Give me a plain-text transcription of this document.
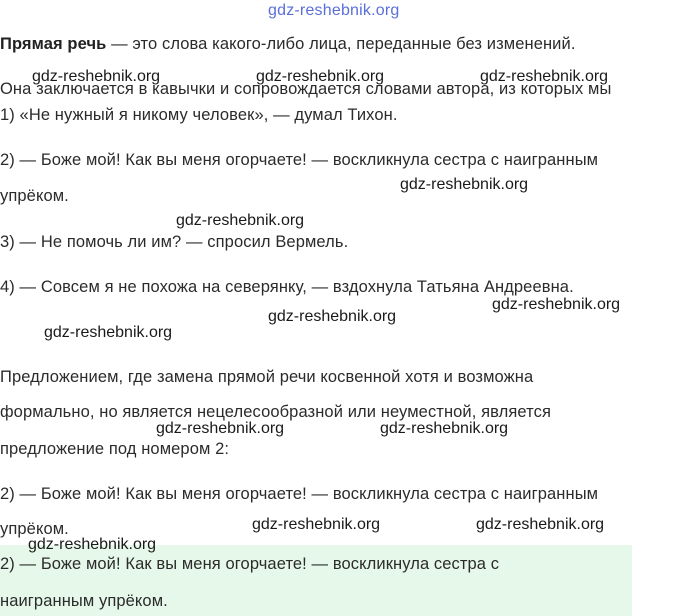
gdz-reshebnik.org
Прямая речь — это слова какого-либо лица, переданные без изменений.
Она заключается в кавычки и сопровождается словами автора, из которых мы
1) «Не нужный я никому человек», — думал Тихон.
2) — Боже мой! Как вы меня огорчаете! — воскликнула сестра с наигранным
упрёком.
3) — Не помочь ли им? — спросил Вермель.
4) — Совсем я не похожа на северянку, — вздохнула Татьяна Андреевна.
Предложением, где замена прямой речи косвенной хотя и возможна
формально, но является нецелесообразной или неуместной, является
предложение под номером 2:
2) — Боже мой! Как вы меня огорчаете! — воскликнула сестра с наигранным
упрёком.
2) — Боже мой! Как вы меня огорчаете! — воскликнула сестра с
наигранным упрёком.
gdz-reshebnik.org	gdz-reshebnik.org	gdz-reshebnik.org
gdz-reshebnik.org
gdz-reshebnik.org
gdz-reshebnik.org
gdz-reshebnik.org
gdz-reshebnik.org
gdz-reshebnik.org	gdz-reshebnik.org
gdz-reshebnik.org	gdz-reshebnik.org
gdz-reshebnik.org
